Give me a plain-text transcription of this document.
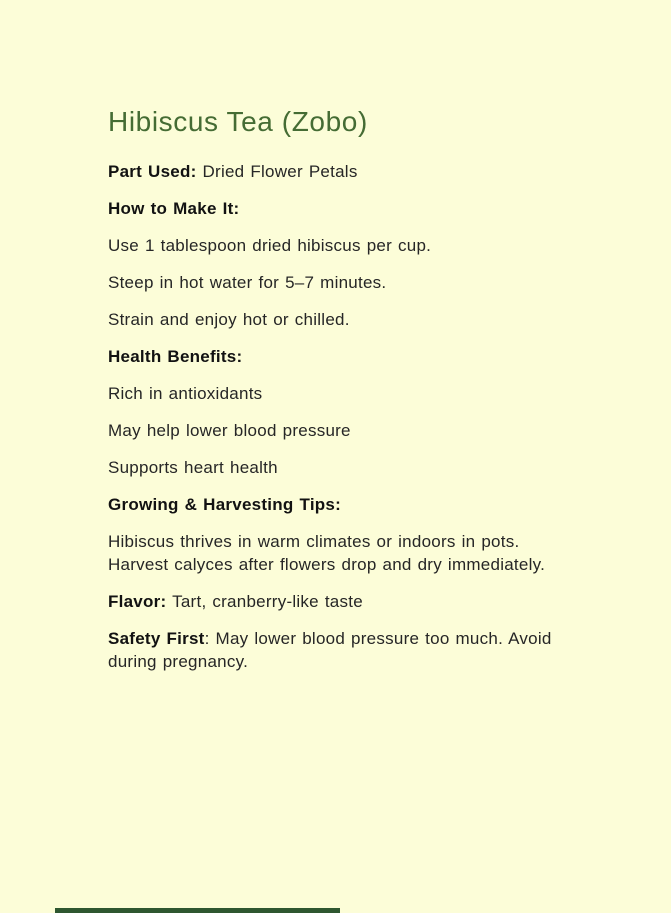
Hibiscus Tea (Zobo)

Part Used: Dried Flower Petals

How to Make It:

Use 1 tablespoon dried hibiscus per cup.

Steep in hot water for 5–7 minutes.

Strain and enjoy hot or chilled.

Health Benefits:

Rich in antioxidants

May help lower blood pressure

Supports heart health

Growing & Harvesting Tips:

Hibiscus thrives in warm climates or indoors in pots. Harvest calyces after flowers drop and dry immediately.

Flavor: Tart, cranberry-like taste

Safety First: May lower blood pressure too much. Avoid during pregnancy.
